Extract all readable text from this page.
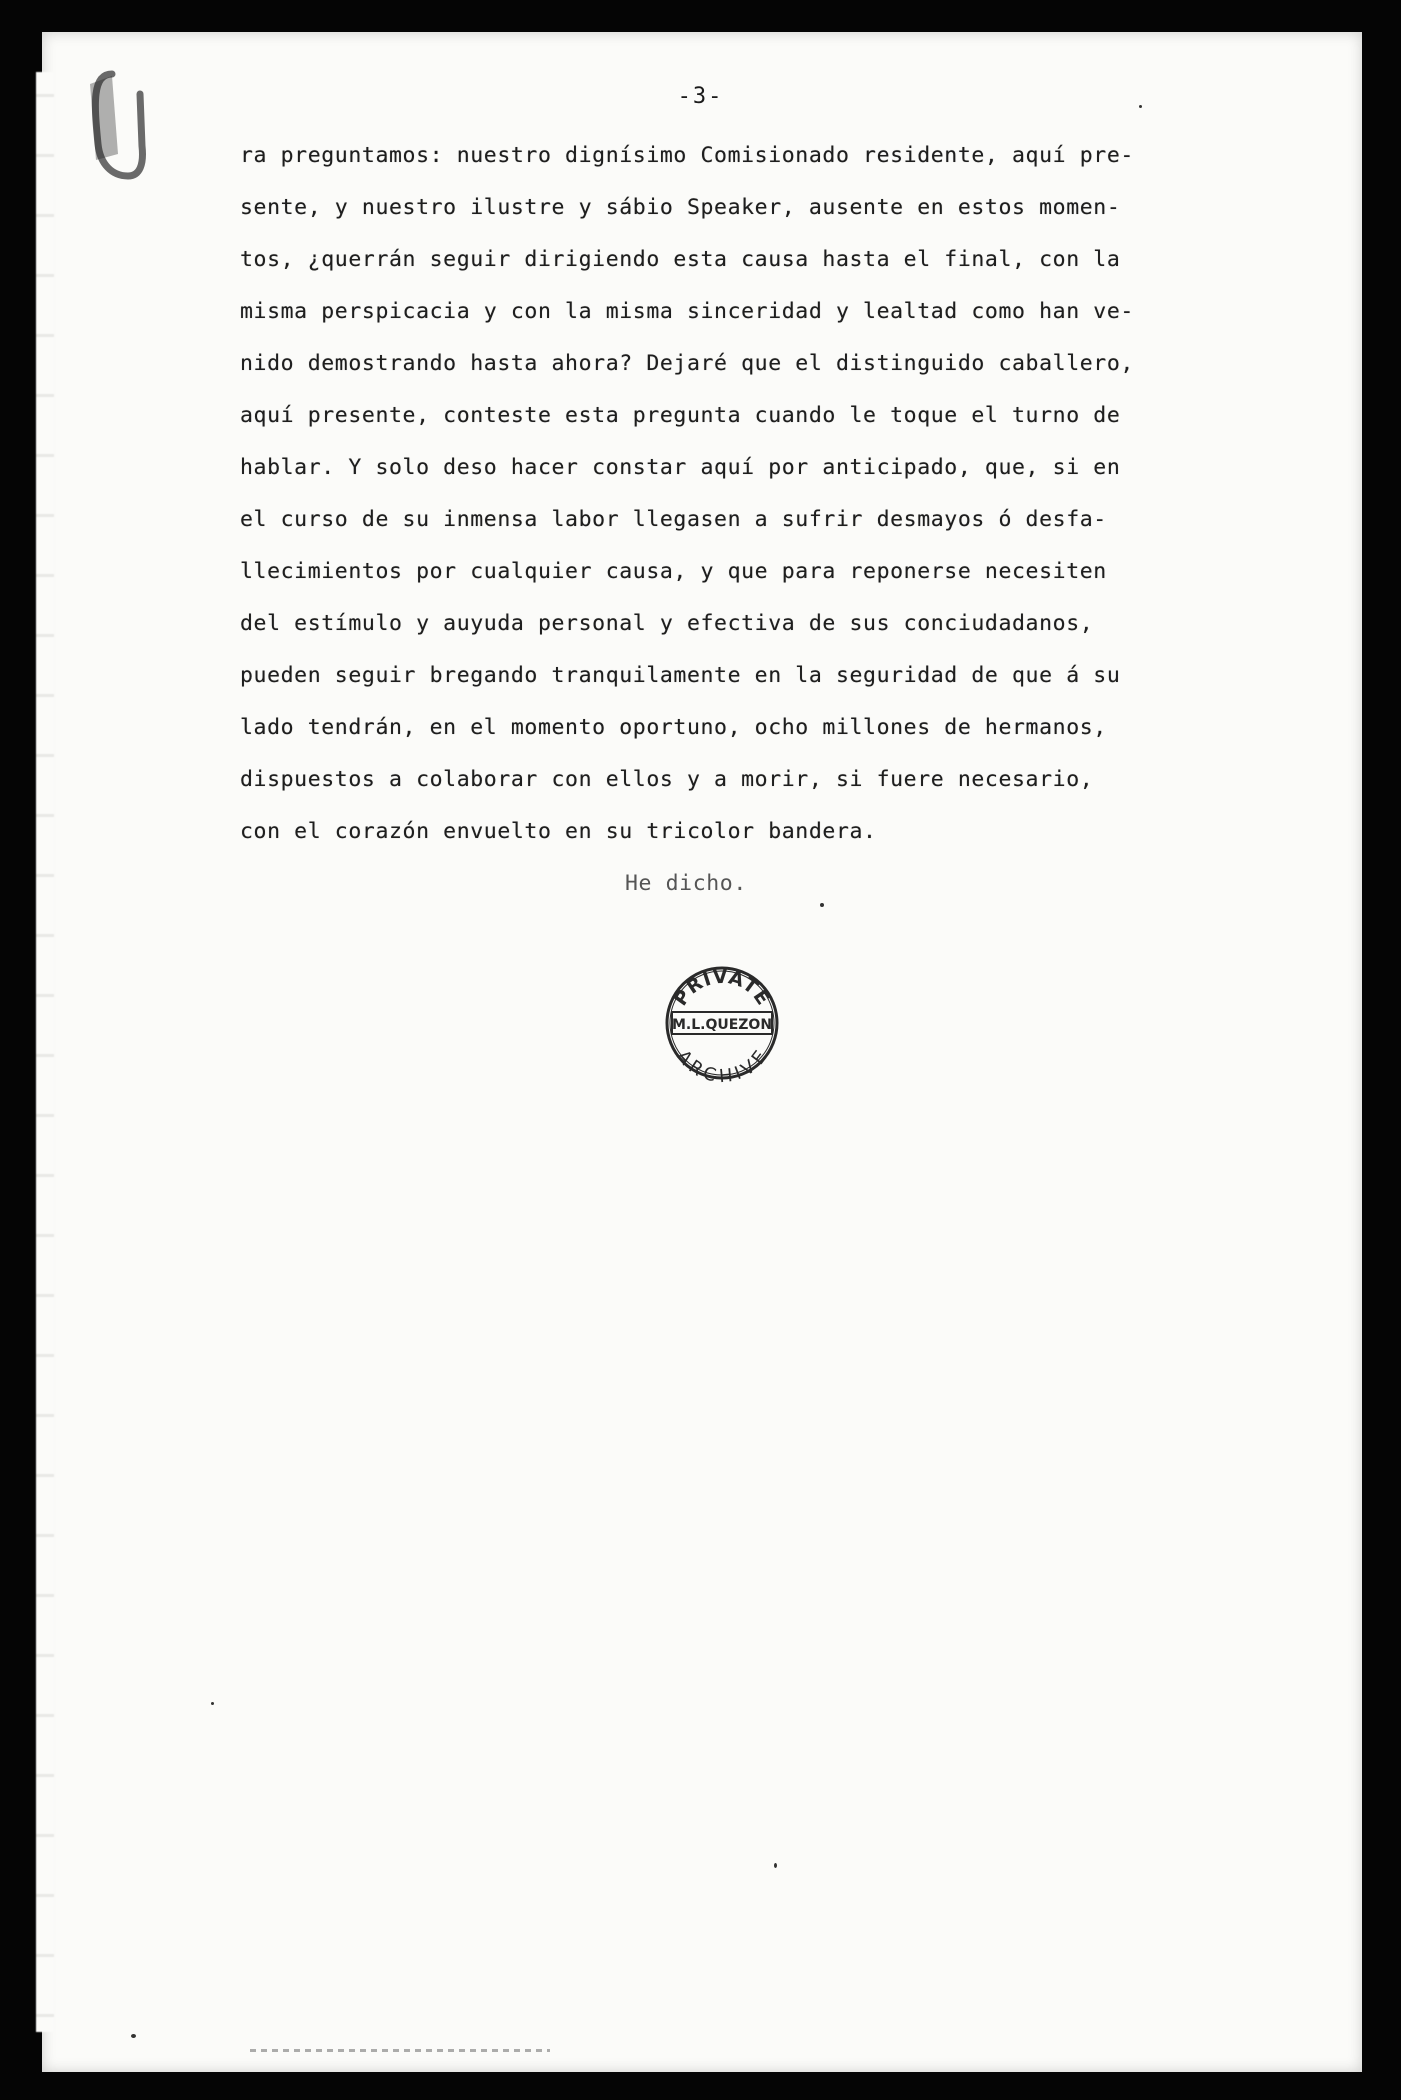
-3-
ra preguntamos: nuestro dignísimo Comisionado residente, aquí pre-
sente, y nuestro ilustre y sábio Speaker, ausente en estos momen-
tos, ¿querrán seguir dirigiendo esta causa hasta el final, con la
misma perspicacia y con la misma sinceridad y lealtad como han ve-
nido demostrando hasta ahora? Dejaré que el distinguido caballero,
aquí presente, conteste esta pregunta cuando le toque el turno de
hablar. Y solo deso hacer constar aquí por anticipado, que, si en
el curso de su inmensa labor llegasen a sufrir desmayos ó desfa-
llecimientos por cualquier causa, y que para reponerse necesiten
del estímulo y auyuda personal y efectiva de sus conciudadanos,
pueden seguir bregando tranquilamente en la seguridad de que á su
lado tendrán, en el momento oportuno, ocho millones de hermanos,
dispuestos a colaborar con ellos y a morir, si fuere necesario,
con el corazón envuelto en su tricolor bandera.
He dicho.
PRIVATE
M.L.QUEZON
ARCHIVE
